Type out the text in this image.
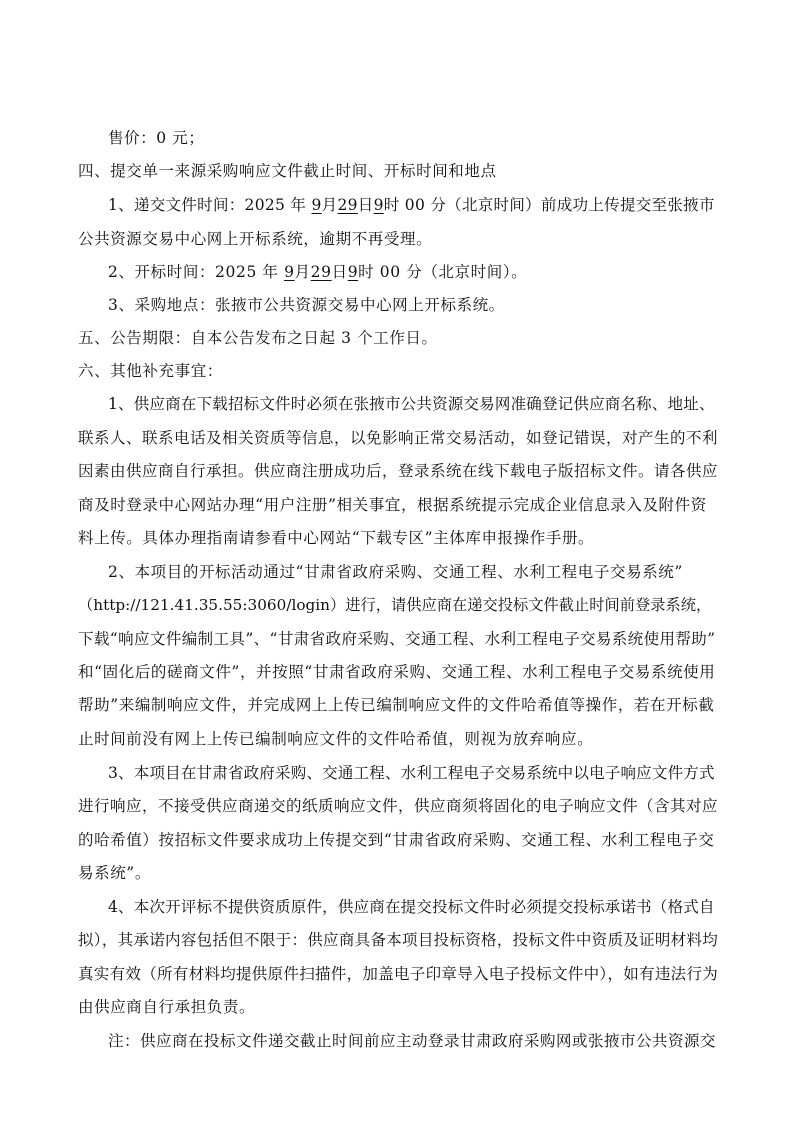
售价：0 元；
四、提交单一来源采购响应文件截止时间、开标时间和地点
1、递交文件时间：2025 年 9月29日9时 00 分（北京时间）前成功上传提交至张掖市
公共资源交易中心网上开标系统，逾期不再受理。
2、开标时间：2025 年 9月29日9时 00 分（北京时间）。
3、采购地点：张掖市公共资源交易中心网上开标系统。
五、公告期限：自本公告发布之日起 3 个工作日。
六、其他补充事宜：
1、供应商在下载招标文件时必须在张掖市公共资源交易网准确登记供应商名称、地址、
联系人、联系电话及相关资质等信息，以免影响正常交易活动，如登记错误，对产生的不利
因素由供应商自行承担。供应商注册成功后，登录系统在线下载电子版招标文件。请各供应
商及时登录中心网站办理“用户注册”相关事宜，根据系统提示完成企业信息录入及附件资
料上传。具体办理指南请参看中心网站“下载专区”主体库申报操作手册。
2、本项目的开标活动通过“甘肃省政府采购、交通工程、水利工程电子交易系统”
（http://121.41.35.55:3060/login）进行，请供应商在递交投标文件截止时间前登录系统，
下载“响应文件编制工具”、“甘肃省政府采购、交通工程、水利工程电子交易系统使用帮助”
和“固化后的磋商文件”，并按照“甘肃省政府采购、交通工程、水利工程电子交易系统使用
帮助”来编制响应文件，并完成网上上传已编制响应文件的文件哈希值等操作，若在开标截
止时间前没有网上上传已编制响应文件的文件哈希值，则视为放弃响应。
3、本项目在甘肃省政府采购、交通工程、水利工程电子交易系统中以电子响应文件方式
进行响应，不接受供应商递交的纸质响应文件，供应商须将固化的电子响应文件（含其对应
的哈希值）按招标文件要求成功上传提交到“甘肃省政府采购、交通工程、水利工程电子交
易系统”。
4、本次开评标不提供资质原件，供应商在提交投标文件时必须提交投标承诺书（格式自
拟），其承诺内容包括但不限于：供应商具备本项目投标资格，投标文件中资质及证明材料均
真实有效（所有材料均提供原件扫描件，加盖电子印章导入电子投标文件中），如有违法行为
由供应商自行承担负责。
注：供应商在投标文件递交截止时间前应主动登录甘肃政府采购网或张掖市公共资源交
